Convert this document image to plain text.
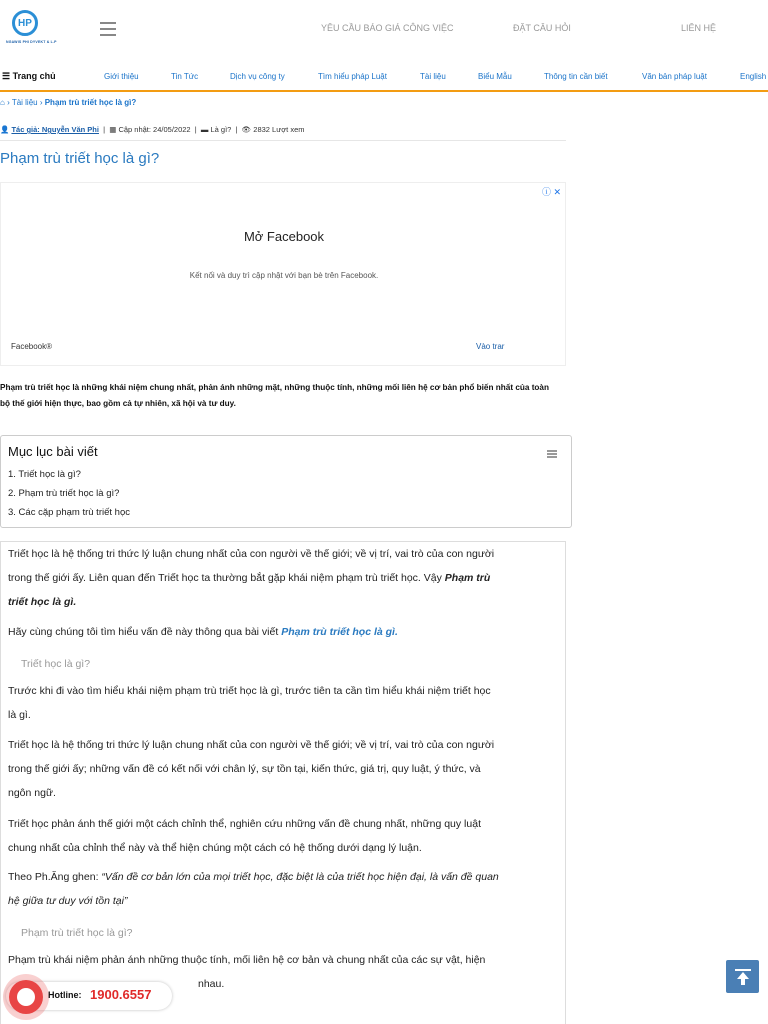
HP
NGAWIS PHI DYVEKT & L.P
YÊU CẦU BÁO GIÁ CÔNG VIỆC	ĐẶT CÂU HỎI	LIÊN HỆ
☰ Trang chủ	Giới thiệu	Tin Tức	Dịch vụ công ty	Tìm hiểu pháp Luật	Tài liệu	Biểu Mẫu	Thông tin cần biết	Văn bản pháp luật	English
⌂ › Tài liệu › Phạm trù triết học là gì?
👤 Tác giả: Nguyễn Văn Phi  |  ▦ Cập nhật: 24/05/2022  |  ▬ Là gì?  |  👁 2832 Lượt xem
Phạm trù triết học là gì?
ⓘ ✕
Mở Facebook
Kết nối và duy trì cập nhật với bạn bè trên Facebook.
Facebook®	Vào trar
Phạm trù triết học là những khái niệm chung nhất, phản ánh những mặt, những thuộc tính, những mối liên hệ cơ bản phổ biến nhất của toàn bộ thế giới hiện thực, bao gồm cả tự nhiên, xã hội và tư duy.
Mục lục bài viết
1. Triết học là gì?
2. Phạm trù triết học là gì?
3. Các cặp phạm trù triết học
Triết học là hệ thống tri thức lý luận chung nhất của con người về thế giới; về vị trí, vai trò của con người
trong thế giới ấy. Liên quan đến Triết học ta thường bắt gặp khái niệm phạm trù triết học. Vậy Phạm trù
triết học là gì.
Hãy cùng chúng tôi tìm hiểu vấn đề này thông qua bài viết Phạm trù triết học là gì.
Triết học là gì?
Trước khi đi vào tìm hiểu khái niệm phạm trù triết học là gì, trước tiên ta cần tìm hiểu khái niệm triết học
là gì.
Triết học là hệ thống tri thức lý luận chung nhất của con người về thế giới; về vị trí, vai trò của con người
trong thế giới ấy; những vấn đề có kết nối với chân lý, sự tồn tại, kiến thức, giá trị, quy luật, ý thức, và
ngôn ngữ.
Triết học phản ánh thế giới một cách chỉnh thể, nghiên cứu những vấn đề chung nhất, những quy luật
chung nhất của chỉnh thể này và thể hiện chúng một cách có hệ thống dưới dạng lý luận.
Theo Ph.Ăng ghen: “Vấn đề cơ bản lớn của mọi triết học, đặc biệt là của triết học hiện đại, là vấn đề quan
hệ giữa tư duy với tồn tại”
Phạm trù triết học là gì?
Phạm trù khái niệm phản ánh những thuộc tính, mối liên hệ cơ bản và chung nhất của các sự vật, hiện
nhau.
Hotline: 1900.6557
